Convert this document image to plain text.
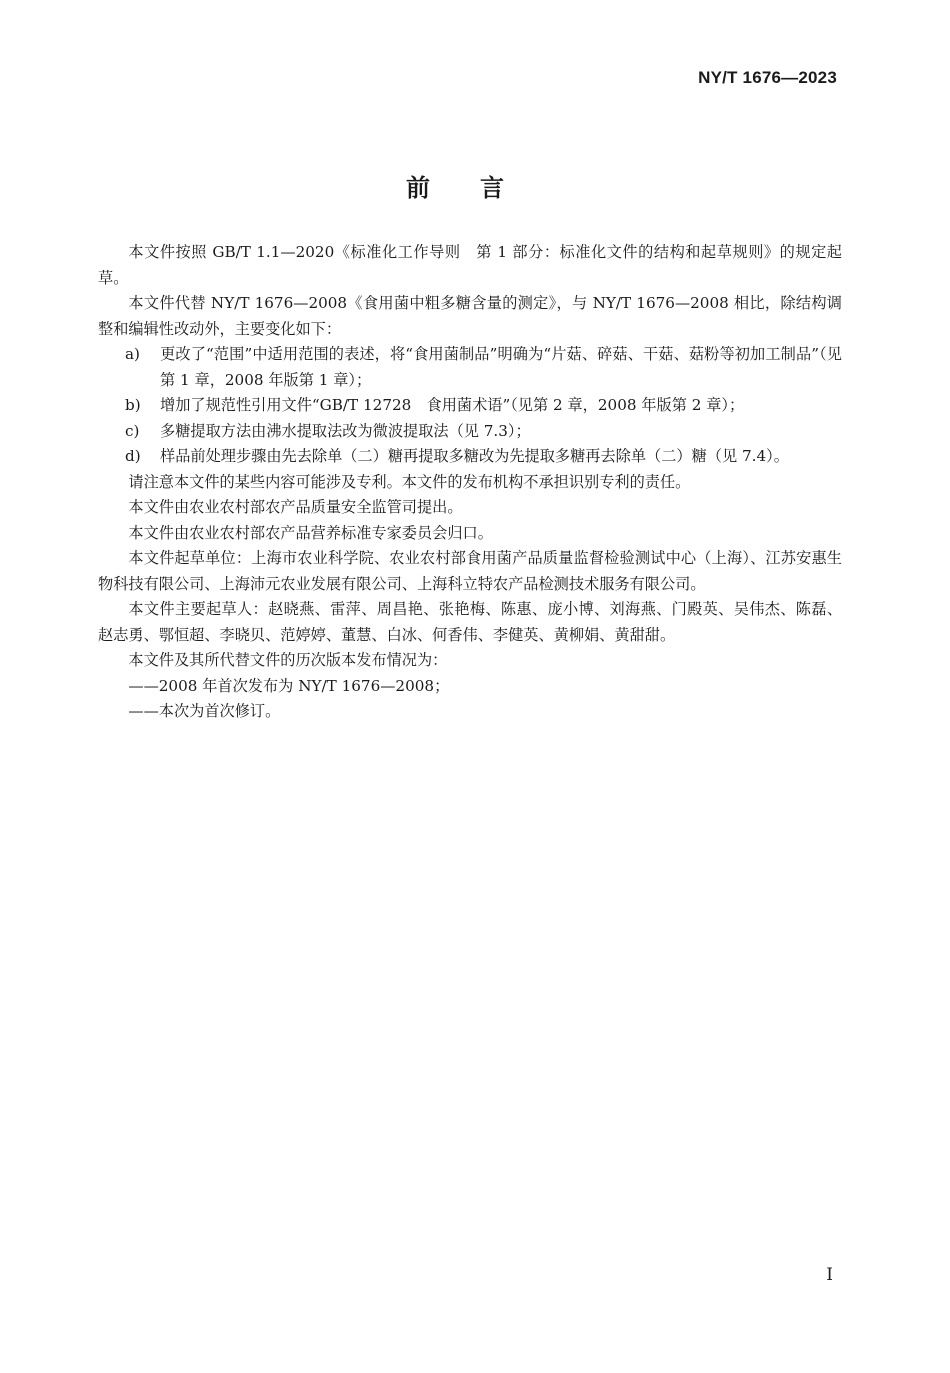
NY/T 1676—2023
前言

本文件按照 GB/T 1.1—2020《标准化工作导则　第 1 部分：标准化文件的结构和起草规则》的规定起草。

本文件代替 NY/T 1676—2008《食用菌中粗多糖含量的测定》，与 NY/T 1676—2008 相比，除结构调整和编辑性改动外，主要变化如下：

a) 更改了“范围”中适用范围的表述，将“食用菌制品”明确为“片菇、碎菇、干菇、菇粉等初加工制品”（见第 1 章，2008 年版第 1 章）；

b) 增加了规范性引用文件“GB/T 12728　食用菌术语”（见第 2 章，2008 年版第 2 章）；

c) 多糖提取方法由沸水提取法改为微波提取法（见 7.3）；

d) 样品前处理步骤由先去除单（二）糖再提取多糖改为先提取多糖再去除单（二）糖（见 7.4）。

请注意本文件的某些内容可能涉及专利。本文件的发布机构不承担识别专利的责任。

本文件由农业农村部农产品质量安全监管司提出。

本文件由农业农村部农产品营养标准专家委员会归口。

本文件起草单位：上海市农业科学院、农业农村部食用菌产品质量监督检验测试中心（上海）、江苏安惠生物科技有限公司、上海沛元农业发展有限公司、上海科立特农产品检测技术服务有限公司。

本文件主要起草人：赵晓燕、雷萍、周昌艳、张艳梅、陈惠、庞小博、刘海燕、门殿英、吴伟杰、陈磊、赵志勇、鄂恒超、李晓贝、范婷婷、董慧、白冰、何香伟、李健英、黄柳娟、黄甜甜。

本文件及其所代替文件的历次版本发布情况为：

——2008 年首次发布为 NY/T 1676—2008；

——本次为首次修订。

I
